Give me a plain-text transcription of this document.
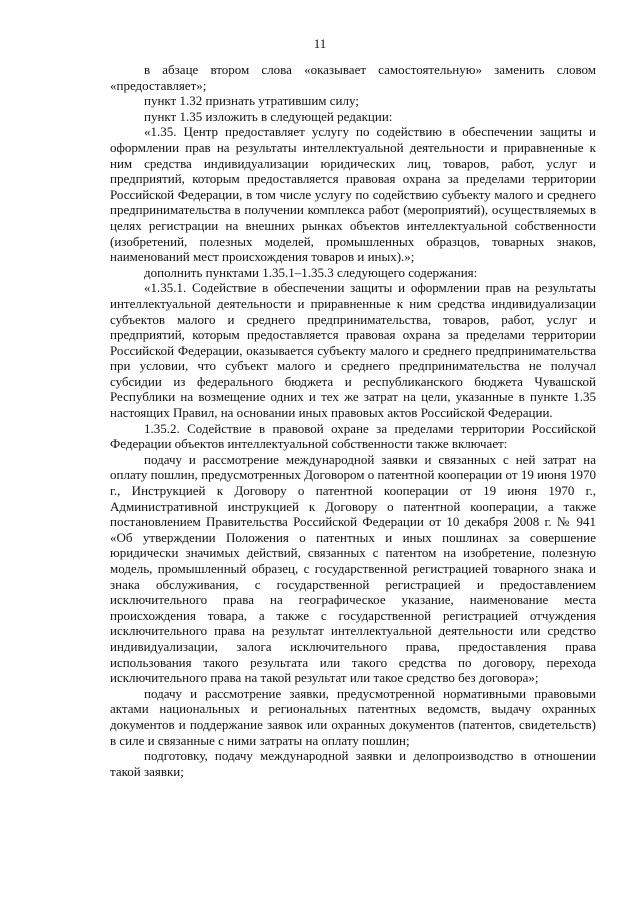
11

в абзаце втором слова «оказывает самостоятельную» заменить словом «предоставляет»;

пункт 1.32 признать утратившим силу;

пункт 1.35 изложить в следующей редакции:

«1.35. Центр предоставляет услугу по содействию в обеспечении защиты и оформлении прав на результаты интеллектуальной деятельности и приравненные к ним средства индивидуализации юридических лиц, товаров, работ, услуг и предприятий, которым предоставляется правовая охрана за пределами территории Российской Федерации, в том числе услугу по содействию субъекту малого и среднего предпринимательства в получении комплекса работ (мероприятий), осуществляемых в целях регистрации на внешних рынках объектов интеллектуальной собственности (изобретений, полезных моделей, промышленных образцов, товарных знаков, наименований мест происхождения товаров и иных).»;

дополнить пунктами 1.35.1–1.35.3 следующего содержания:

«1.35.1. Содействие в обеспечении защиты и оформлении прав на результаты интеллектуальной деятельности и приравненные к ним средства индивидуализации субъектов малого и среднего предпринимательства, товаров, работ, услуг и предприятий, которым предоставляется правовая охрана за пределами территории Российской Федерации, оказывается субъекту малого и среднего предпринимательства при условии, что субъект малого и среднего предпринимательства не получал субсидии из федерального бюджета и республиканского бюджета Чувашской Республики на возмещение одних и тех же затрат на цели, указанные в пункте 1.35 настоящих Правил, на основании иных правовых актов Российской Федерации.

1.35.2. Содействие в правовой охране за пределами территории Российской Федерации объектов интеллектуальной собственности также включает:

подачу и рассмотрение международной заявки и связанных с ней затрат на оплату пошлин, предусмотренных Договором о патентной кооперации от 19 июня 1970 г., Инструкцией к Договору о патентной кооперации от 19 июня 1970 г., Административной инструкцией к Договору о патентной кооперации, а также постановлением Правительства Российской Федерации от 10 декабря 2008 г. № 941 «Об утверждении Положения о патентных и иных пошлинах за совершение юридически значимых действий, связанных с патентом на изобретение, полезную модель, промышленный образец, с государственной регистрацией товарного знака и знака обслуживания, с государственной регистрацией и предоставлением исключительного права на географическое указание, наименование места происхождения товара, а также с государственной регистрацией отчуждения исключительного права на результат интеллектуальной деятельности или средство индивидуализации, залога исключительного права, предоставления права использования такого результата или такого средства по договору, перехода исключительного права на такой результат или такое средство без договора»;

подачу и рассмотрение заявки, предусмотренной нормативными правовыми актами национальных и региональных патентных ведомств, выдачу охранных документов и поддержание заявок или охранных документов (патентов, свидетельств) в силе и связанные с ними затраты на оплату пошлин;

подготовку, подачу международной заявки и делопроизводство в отношении такой заявки;
